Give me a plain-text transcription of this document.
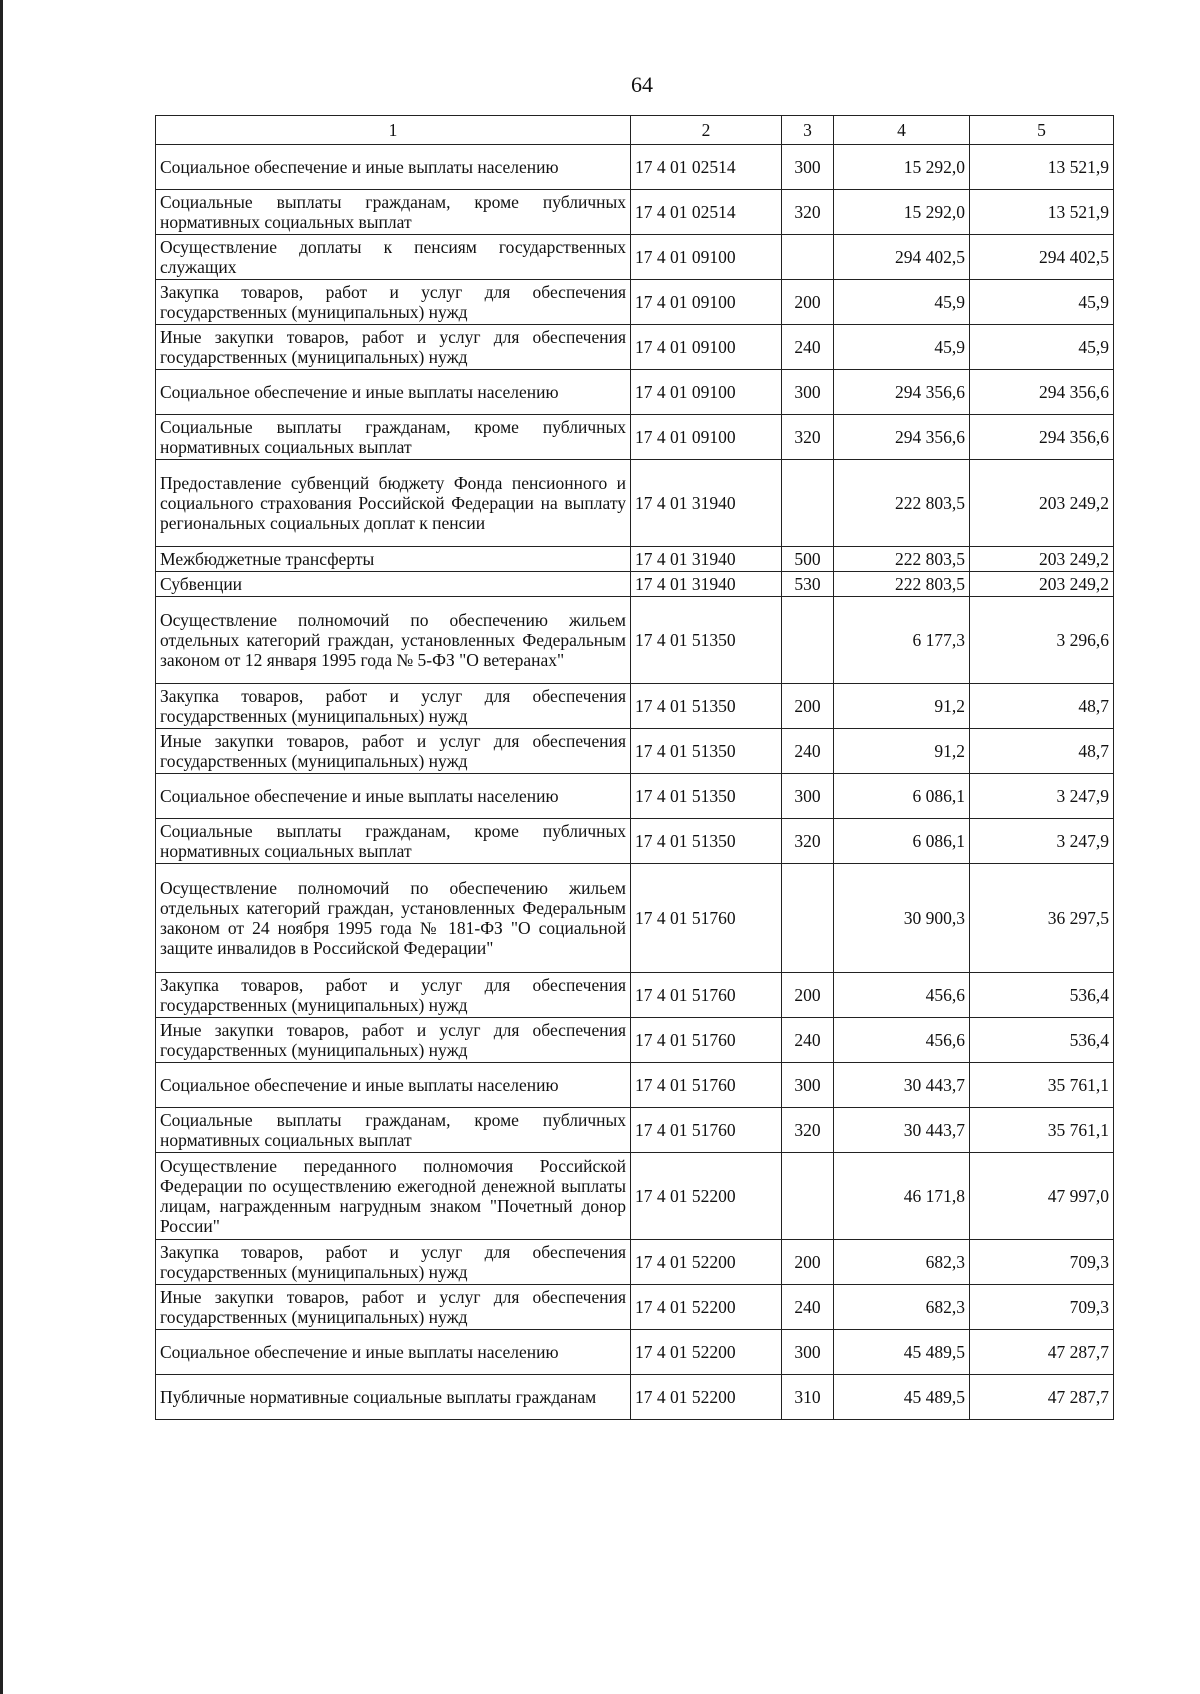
64
1	2	3	4	5
Социальное обеспечение и иные выплаты населению	17 4 01 02514	300	15 292,0	13 521,9
Социальные выплаты гражданам, кроме публичных нормативных социальных выплат	17 4 01 02514	320	15 292,0	13 521,9
Осуществление доплаты к пенсиям государственных служащих	17 4 01 09100		294 402,5	294 402,5
Закупка товаров, работ и услуг для обеспечения государственных (муниципальных) нужд	17 4 01 09100	200	45,9	45,9
Иные закупки товаров, работ и услуг для обеспечения государственных (муниципальных) нужд	17 4 01 09100	240	45,9	45,9
Социальное обеспечение и иные выплаты населению	17 4 01 09100	300	294 356,6	294 356,6
Социальные выплаты гражданам, кроме публичных нормативных социальных выплат	17 4 01 09100	320	294 356,6	294 356,6
Предоставление субвенций бюджету Фонда пенсионного и социального страхования Российской Федерации на выплату региональных социальных доплат к пенсии	17 4 01 31940		222 803,5	203 249,2
Межбюджетные трансферты	17 4 01 31940	500	222 803,5	203 249,2
Субвенции	17 4 01 31940	530	222 803,5	203 249,2
Осуществление полномочий по обеспечению жильем отдельных категорий граждан, установленных Федеральным законом от 12 января 1995 года № 5-ФЗ "О ветеранах"	17 4 01 51350		6 177,3	3 296,6
Закупка товаров, работ и услуг для обеспечения государственных (муниципальных) нужд	17 4 01 51350	200	91,2	48,7
Иные закупки товаров, работ и услуг для обеспечения государственных (муниципальных) нужд	17 4 01 51350	240	91,2	48,7
Социальное обеспечение и иные выплаты населению	17 4 01 51350	300	6 086,1	3 247,9
Социальные выплаты гражданам, кроме публичных нормативных социальных выплат	17 4 01 51350	320	6 086,1	3 247,9
Осуществление полномочий по обеспечению жильем отдельных категорий граждан, установленных Федеральным законом от 24 ноября 1995 года № 181-ФЗ "О социальной защите инвалидов в Российской Федерации"	17 4 01 51760		30 900,3	36 297,5
Закупка товаров, работ и услуг для обеспечения государственных (муниципальных) нужд	17 4 01 51760	200	456,6	536,4
Иные закупки товаров, работ и услуг для обеспечения государственных (муниципальных) нужд	17 4 01 51760	240	456,6	536,4
Социальное обеспечение и иные выплаты населению	17 4 01 51760	300	30 443,7	35 761,1
Социальные выплаты гражданам, кроме публичных нормативных социальных выплат	17 4 01 51760	320	30 443,7	35 761,1
Осуществление переданного полномочия Российской Федерации по осуществлению ежегодной денежной выплаты лицам, награжденным нагрудным знаком "Почетный донор России"	17 4 01 52200		46 171,8	47 997,0
Закупка товаров, работ и услуг для обеспечения государственных (муниципальных) нужд	17 4 01 52200	200	682,3	709,3
Иные закупки товаров, работ и услуг для обеспечения государственных (муниципальных) нужд	17 4 01 52200	240	682,3	709,3
Социальное обеспечение и иные выплаты населению	17 4 01 52200	300	45 489,5	47 287,7
Публичные нормативные социальные выплаты гражданам	17 4 01 52200	310	45 489,5	47 287,7
